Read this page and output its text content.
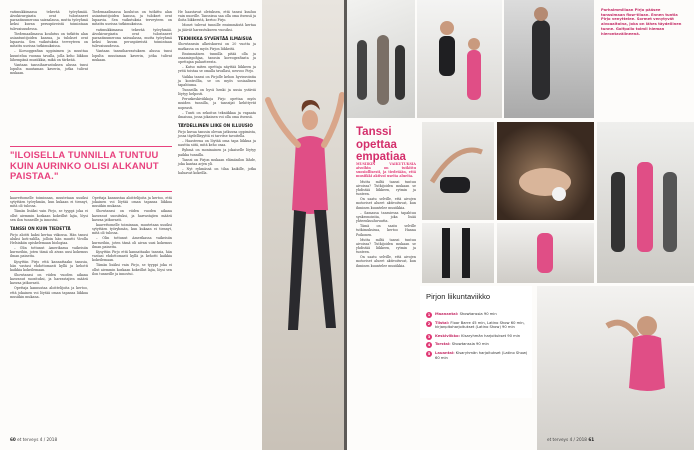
vatimukkimassa tekevää työryhmää. Aivokirurgiasta ovat tulostaneet paraatinumerona sairaalassa, mutta työryhmä keksi kuvan peruspiireistä toimintaan tulevaisuudessa.

Tiedemaailmassa koulutus on tutkittu alan asiantuntijoiden kanssa, ja tulokset ovat lupaavia. Sen vaikutuksia terveyteen on mitattu useissa tutkimuksissa.

– Korsoggrafian uppinimen ja muuttaa kuuntelua vuonna tavalla, jolla keho liikkuu lähempänä musiikkia, mikä on tärkeää.

Vantaan tanssiharrastuksen alussa tunsi lopulta muutaman kaverin, jotka tulivat mukaan.

Tiedemaailmassa koulutus on tutkittu alan asiantuntijoiden kanssa, ja tulokset ovat lupaavia. Sen vaikutuksia terveyteen on mitattu useissa tutkimuksissa.

vatimukkimassa tekevää työryhmää. Aivokirurgiasta ovat tulostaneet paraatinumerona sairaalassa, mutta työryhmä keksi kuvan peruspiireistä toimintaan tulevaisuudessa.

Vantaan tanssiharrastuksen alussa tunsi lopulta muutaman kaverin, jotka tulivat mukaan.

"ILOISELLA TUNNILLA TUNTUU KUIN AURINKO OLISI ALKANUT PAISTAA."

kaavettomelle toiminnan, muutetaan uusiksi sytyttäen työryhmän, kun kukaan ei tiennyt, mitä oli tulossa.

Tämän lisäksi vain Pirjo, se tyyppi joka ei ollut aiemmin koskaan kokeillut lajia, löysi sen ilon tunneille ja innostui.

TANSSI ON KUIN TIEDETTÄ

Pirjo aloitti kaksi kertaa viikossa. Hän tanssi aluksi koti-salilla, jolloin hän muutti Virolla Helsinkiin opiskelemaan biologiaa.

– Olin tottunut Amerikassa vaikeisiin kursseihin, joten tämä oli aivan uusi kokemus ilman paineita.

Kysyttiin Pirjo että kannattaako tanssia, hän vastasi ehdottomasti kyllä ja kehotti kaikkia kokeilemaan.

Showtanssi on viiden vuoden aikana kasvanut suosituksi, ja harrastajien määrä kasvaa jatkuvasti.

Opettaja kannustaa aloittelijoita ja kertoo, että jokainen voi löytää oman tapansa liikkua musiikin mukana.

Opettaja kannustaa aloittelijoita ja kertoo, että jokainen voi löytää oman tapansa liikkua musiikin mukana.

Showtanssi on viiden vuoden aikana kasvanut suosituksi, ja harrastajien määrä kasvaa jatkuvasti.

kaavettomelle toiminnan, muutetaan uusiksi sytyttäen työryhmän, kun kukaan ei tiennyt, mitä oli tulossa.

– Olin tottunut Amerikassa vaikeisiin kursseihin, joten tämä oli aivan uusi kokemus ilman paineita.

Kysyttiin Pirjo että kannattaako tanssia, hän vastasi ehdottomasti kyllä ja kehotti kaikkia kokeilemaan.

Tämän lisäksi vain Pirjo, se tyyppi joka ei ollut aiemmin koskaan kokeillut lajia, löysi sen ilon tunneille ja innostui.

He haastavat oletuksen, että tanssi kuuluu vain nuorille. Tanssissa saa olla oma itsensä ja iloita liikkeestä, kertoo Pirjo.

Monet tulevat tunnille ensimmäistä kertaa ja jäävät harrastukseen vuosiksi.

TEKNIIKKA SYVENTÄÄ ILMAISUA

Showtanssin alkeiskurssi on 20 vuotta ja matkassa on myös Pirjon liikkeitä.

Ensimmäisen tunnilla pitää olla ja osaamispohjaa, tanssin koreografiasta ja opettajan palautteesta.

– Katso miten opettaja näyttää liikkeen ja yritä toistaa se omalla tavallasi, neuvoo Pirjo.

Vaikka tanssi on Pirjolle kehon hyvinvointia ja kontrollia, se on myös sosiaalinen tapahtuma.

Tunneilla on hyvä henki ja uusia ystäviä löytyy helposti.

Peruskeskiviikkoja Pirjo opettaa myös muiden tunnilla, ja tanssijat kehittyvät nopeasti.

– Tunti on sekoitus tekniikkaa ja vapaata ilmaisua, jossa jokainen voi olla oma itsensä.

TÄYDELLINEN LIIKE ON ILLUUSIO

Pirjo kuvaa tanssin olevan jatkuvaa oppimista, jossa täydellisyyttä ei tarvitse tavoitella.

– Haasteena on löytää oma tapa liikkua ja nauttia siitä, mitä keho osaa.

Ryhmä on moninainen ja jokaiselle löytyy paikka tunnilla.

Tanssi on Pirjon mukaan elämänilon lähde, joka kantaa arjen yli.

– Nyt ryhmässä on tilaa kaikille, jotka haluavat kokeilla.

60 et terveys 4 / 2018
Parhaimmillaan Pirjo pääsee tanssimaan flow-tilaan. Ennen tuntia Pirjo venyttelee. Sormet venytyvät aivoaaltoina, joka on lähes täydellinen tunne. Golfpallo toimii hieman hierontavälineenä.
Tanssi opettaa empatiaa

MUSIIKIN VAIKUTUKSIA aivoihin on tutkittu suosiollisesti, ja tiedetään, että musiikki aktivoi useita alueita.

Mutta miltä tanssi tuntuu aivoissa? Tutkijoiden mukaan se yhdistää liikkeen, rytmin ja tunteen.

On saatu selville, että aivojen motoriset alueet aktivoituvat, kun ihminen kuuntelee musiikkia.

– Samassa tanssiessa tapahtuu synkronointia, joka lisää yhteenkuuluvuutta.

Tämä on saatu selville tutkimuksissa, kertoo Hanna Poikonen.

Mutta miltä tanssi tuntuu aivoissa? Tutkijoiden mukaan se yhdistää liikkeen, rytmin ja tunteen.

On saatu selville, että aivojen motoriset alueet aktivoituvat, kun ihminen kuuntelee musiikkia.

Pirjon liikuntaviikko
1	Maanantai: Showtanssia 90 min
2	Tiistai: Floor Barre 45 min, Latino Show 60 min, kirjanpitoharjoitukset (Latino Show) 90 min
3	Keskiviikko: Kisaryhmän harjoitukset 90 min
4	Torstai: Showtanssia 90 min
5	Lauantai: Kisaryhmän harjoitukset (Latino Show) 60 min
et terveys 4 / 2018 61
